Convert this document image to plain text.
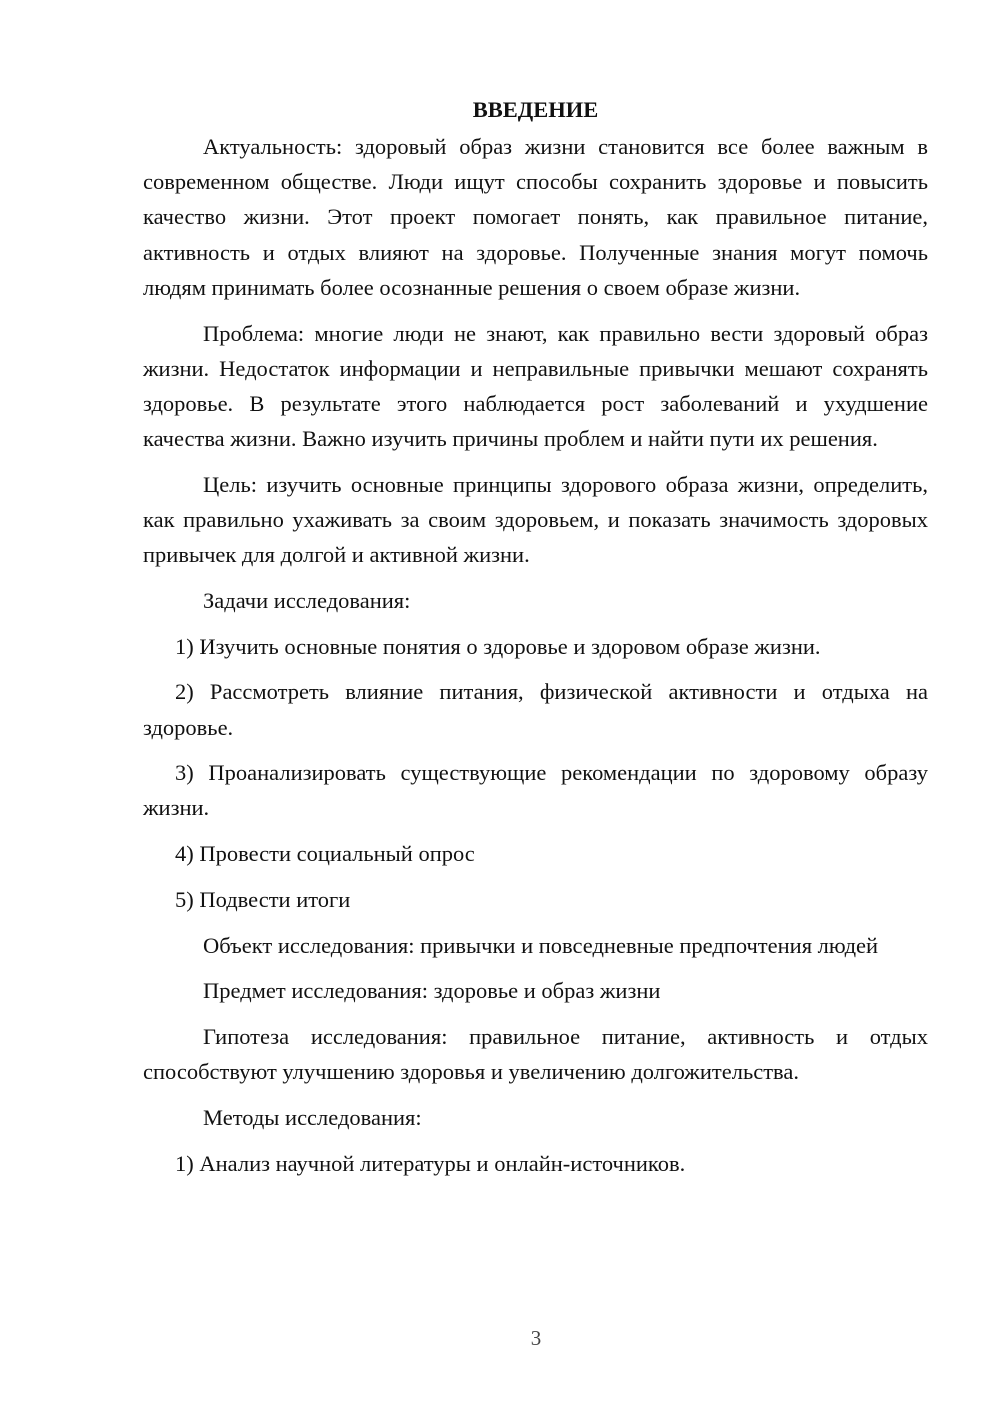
ВВЕДЕНИЕ

Актуальность: здоровый образ жизни становится все более важным в современном обществе. Люди ищут способы сохранить здоровье и повысить качество жизни. Этот проект помогает понять, как правильное питание, активность и отдых влияют на здоровье. Полученные знания могут помочь людям принимать более осознанные решения о своем образе жизни.

Проблема: многие люди не знают, как правильно вести здоровый образ жизни. Недостаток информации и неправильные привычки мешают сохранять здоровье. В результате этого наблюдается рост заболеваний и ухудшение качества жизни. Важно изучить причины проблем и найти пути их решения.

Цель: изучить основные принципы здорового образа жизни, определить, как правильно ухаживать за своим здоровьем, и показать значимость здоровых привычек для долгой и активной жизни.

Задачи исследования:

1) Изучить основные понятия о здоровье и здоровом образе жизни.

2) Рассмотреть влияние питания, физической активности и отдыха на здоровье.

3) Проанализировать существующие рекомендации по здоровому образу жизни.

4) Провести социальный опрос

5) Подвести итоги

Объект исследования: привычки и повседневные предпочтения людей

Предмет исследования: здоровье и образ жизни

Гипотеза исследования: правильное питание, активность и отдых способствуют улучшению здоровья и увеличению долгожительства.

Методы исследования:

1) Анализ научной литературы и онлайн-источников.

3
